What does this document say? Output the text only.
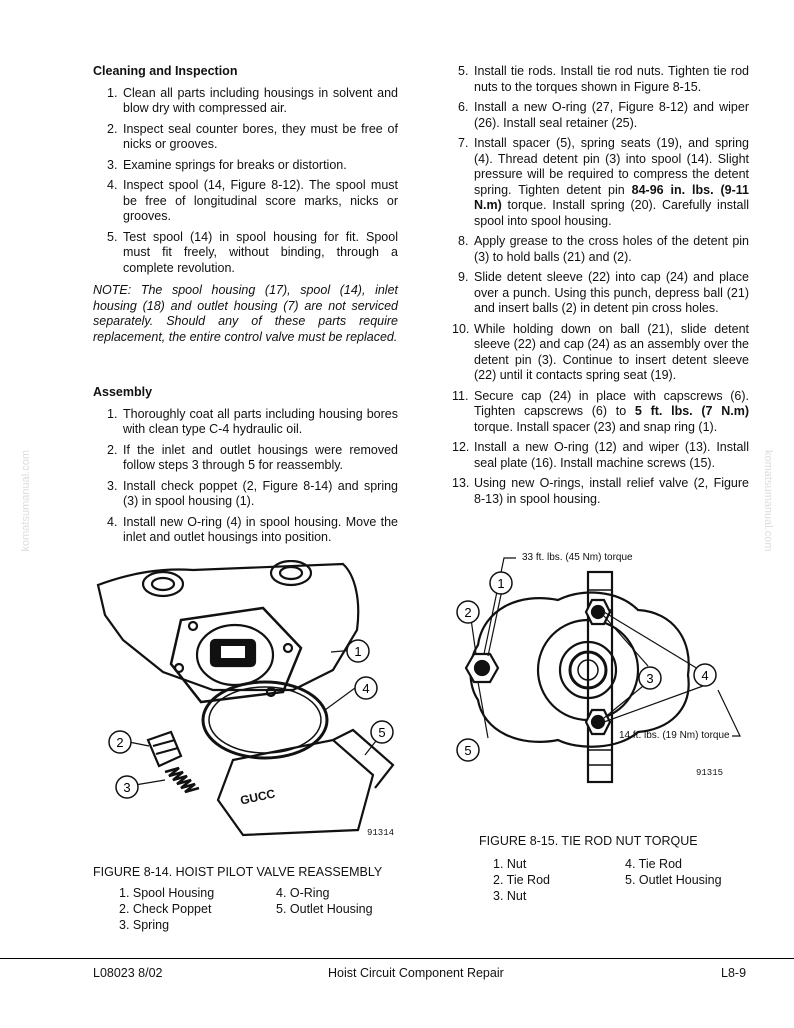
Cleaning and Inspection
1. Clean all parts including housings in solvent and blow dry with compressed air.
2. Inspect seal counter bores, they must be free of nicks or grooves.
3. Examine springs for breaks or distortion.
4. Inspect spool (14, Figure 8-12). The spool must be free of longitudinal score marks, nicks or grooves.
5. Test spool (14) in spool housing for fit. Spool must fit freely, without binding, through a complete revolution.

NOTE: The spool housing (17), spool (14), inlet housing (18) and outlet housing (7) are not serviced separately. Should any of these parts require replacement, the entire control valve must be replaced.

Assembly
1. Thoroughly coat all parts including housing bores with clean type C-4 hydraulic oil.
2. If the inlet and outlet housings were removed follow steps 3 through 5 for reassembly.
3. Install check poppet (2, Figure 8-14) and spring (3) in spool housing (1).
4. Install new O-ring (4) in spool housing. Move the inlet and outlet housings into position.
5. Install tie rods. Install tie rod nuts. Tighten tie rod nuts to the torques shown in Figure 8-15.
6. Install a new O-ring (27, Figure 8-12) and wiper (26). Install seal retainer (25).
7. Install spacer (5), spring seats (19), and spring (4). Thread detent pin (3) into spool (14). Slight pressure will be required to compress the detent spring. Tighten detent pin 84-96 in. lbs. (9-11 N.m) torque. Install spring (20). Carefully install spool into spool housing.
8. Apply grease to the cross holes of the detent pin (3) to hold balls (21) and (2).
9. Slide detent sleeve (22) into cap (24) and place over a punch. Using this punch, depress ball (21) and insert balls (2) in detent pin cross holes.
10. While holding down on ball (21), slide detent sleeve (22) and cap (24) as an assembly over the detent pin (3). Continue to insert detent sleeve (22) until it contacts spring seat (19).
11. Secure cap (24) in place with capscrews (6). Tighten capscrews (6) to 5 ft. lbs. (7 N.m) torque. Install spacer (23) and snap ring (1).
12. Install a new O-ring (12) and wiper (13). Install seal plate (16). Install machine screws (15).
13. Using new O-rings, install relief valve (2, Figure 8-13) in spool housing.
1
4
5
2
3	GUCC
91314
FIGURE 8-14. HOIST PILOT VALVE REASSEMBLY
1. Spool Housing
2. Check Poppet
3. Spring
4. O-Ring
5. Outlet Housing
33 ft. lbs. (45 Nm) torque
14 ft. lbs. (19 Nm) torque
1
2
3	4
5
91315
FIGURE 8-15. TIE ROD NUT TORQUE
1. Nut
2. Tie Rod
3. Nut
4. Tie Rod
5. Outlet Housing
komatsumanual.com	komatsumanual.com
L08023 8/02	Hoist Circuit Component Repair	L8-9
